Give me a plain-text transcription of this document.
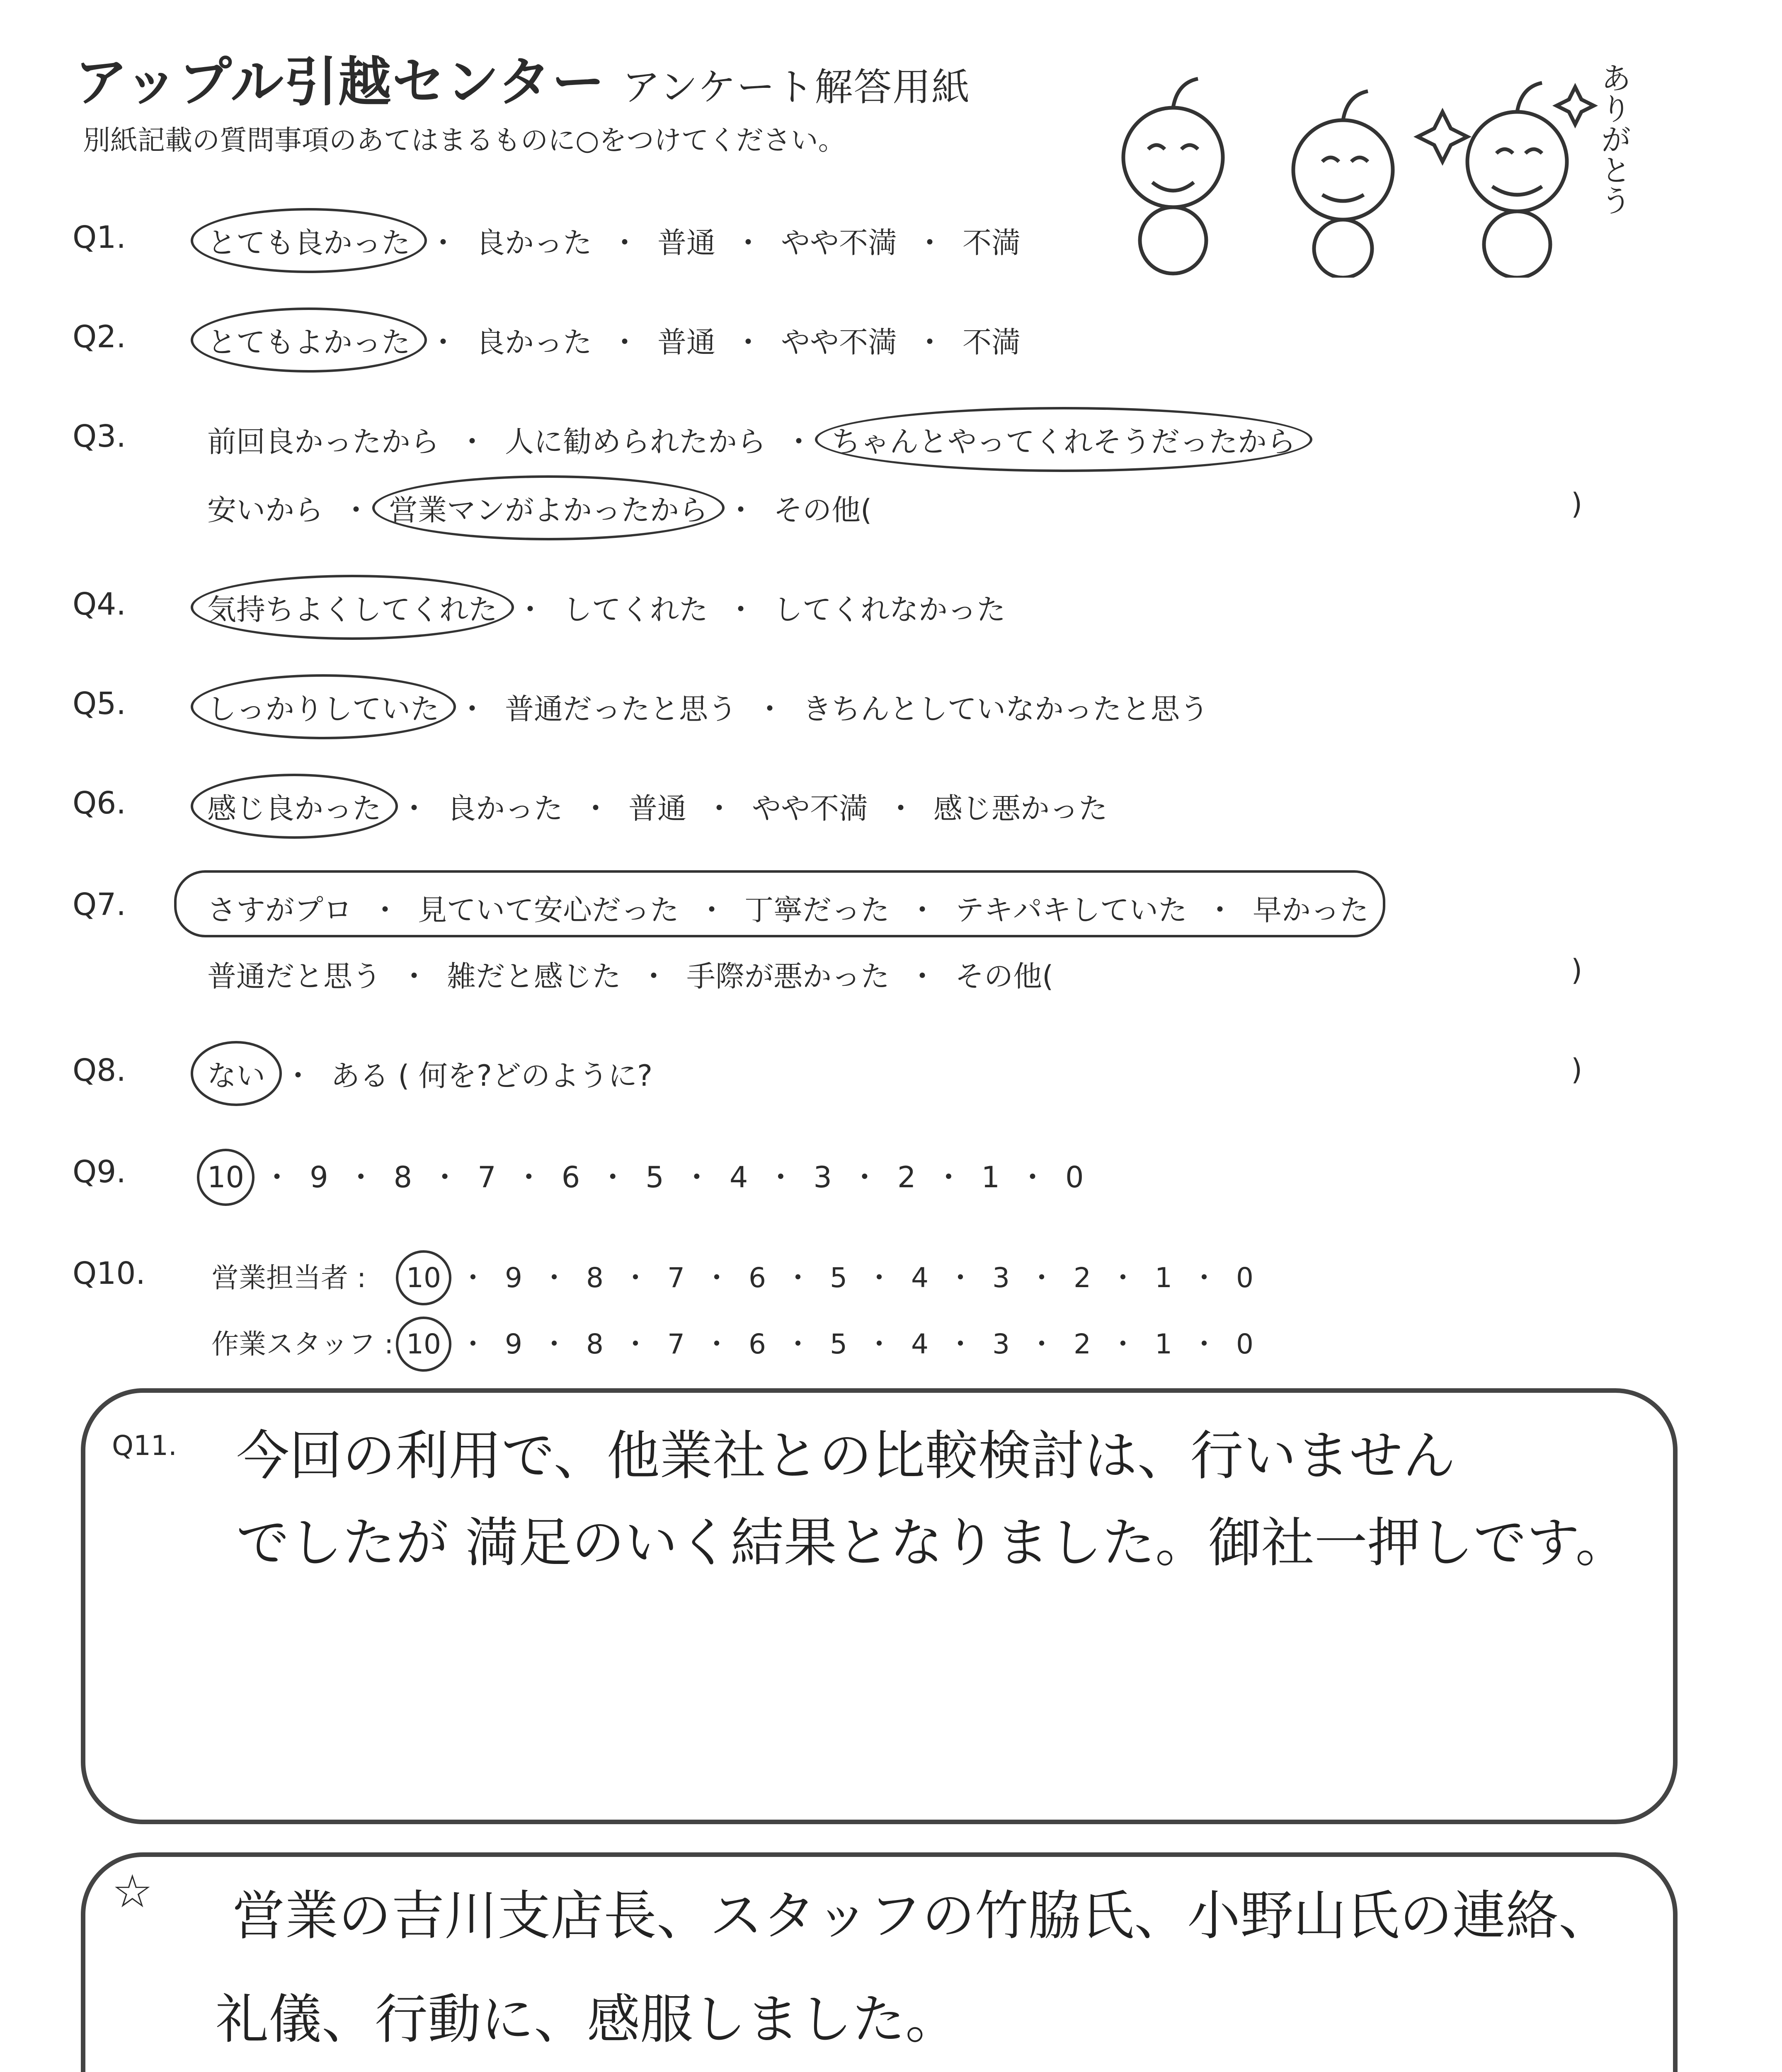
アップル引越センター アンケート解答用紙
別紙記載の質問事項のあてはまるものに○をつけてください。	ありがとう
Q1.	とても良かった ・ 良かった ・ 普通 ・ やや不満 ・ 不満
Q2.	とてもよかった ・ 良かった ・ 普通 ・ やや不満 ・ 不満
Q3.	前回良かったから ・ 人に勧められたから ・ ちゃんとやってくれそうだったから
安いから ・ 営業マンがよかったから ・ その他(	)
Q4.	気持ちよくしてくれた ・ してくれた ・ してくれなかった
Q5.	しっかりしていた ・ 普通だったと思う ・ きちんとしていなかったと思う
Q6.	感じ良かった ・ 良かった ・ 普通 ・ やや不満 ・ 感じ悪かった
Q7.	さすがプロ ・ 見ていて安心だった ・ 丁寧だった ・ テキパキしていた ・ 早かった
普通だと思う ・ 雑だと感じた ・ 手際が悪かった ・ その他(	)
Q8.	ない ・ ある ( 何を?どのように?	)
Q9.	10 ・ 9 ・ 8 ・ 7 ・ 6 ・ 5 ・ 4 ・ 3 ・ 2 ・ 1 ・ 0
Q10. 営業担当者 : 10 ・ 9 ・ 8 ・ 7 ・ 6 ・ 5 ・ 4 ・ 3 ・ 2 ・ 1 ・ 0
作業スタッフ : 10 ・ 9 ・ 8 ・ 7 ・ 6 ・ 5 ・ 4 ・ 3 ・ 2 ・ 1 ・ 0
Q11. 今回の利用で、他業社との比較検討は、行いません
でしたが 満足のいく結果となりました。御社一押しです。
☆ 営業の吉川支店長、スタッフの竹脇氏、小野山氏の連絡、
礼儀、行動に、感服しました。
